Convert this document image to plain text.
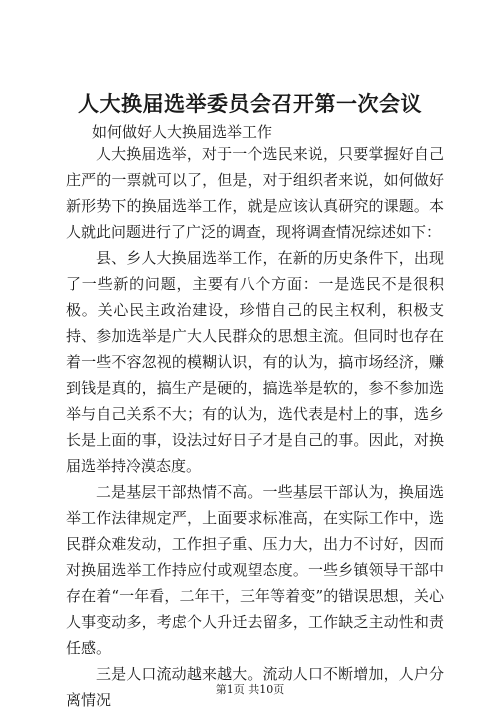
人大换届选举委员会召开第一次会议

如何做好人大换届选举工作

人大换届选举，对于一个选民来说，只要掌握好自己庄严的一票就可以了，但是，对于组织者来说，如何做好新形势下的换届选举工作，就是应该认真研究的课题。本人就此问题进行了广泛的调查，现将调查情况综述如下：

县、乡人大换届选举工作，在新的历史条件下，出现了一些新的问题，主要有八个方面：一是选民不是很积极。关心民主政治建设，珍惜自己的民主权利，积极支持、参加选举是广大人民群众的思想主流。但同时也存在着一些不容忽视的模糊认识，有的认为，搞市场经济，赚到钱是真的，搞生产是硬的，搞选举是软的，参不参加选举与自己关系不大；有的认为，选代表是村上的事，选乡长是上面的事，设法过好日子才是自己的事。因此，对换届选举持冷漠态度。

二是基层干部热情不高。一些基层干部认为，换届选举工作法律规定严，上面要求标准高，在实际工作中，选民群众难发动，工作担子重、压力大，出力不讨好，因而对换届选举工作持应付或观望态度。一些乡镇领导干部中存在着“一年看，二年干，三年等着变”的错误思想，关心人事变动多，考虑个人升迁去留多，工作缺乏主动性和责任感。

三是人口流动越来越大。流动人口不断增加，人户分离情况

第1页 共10页
